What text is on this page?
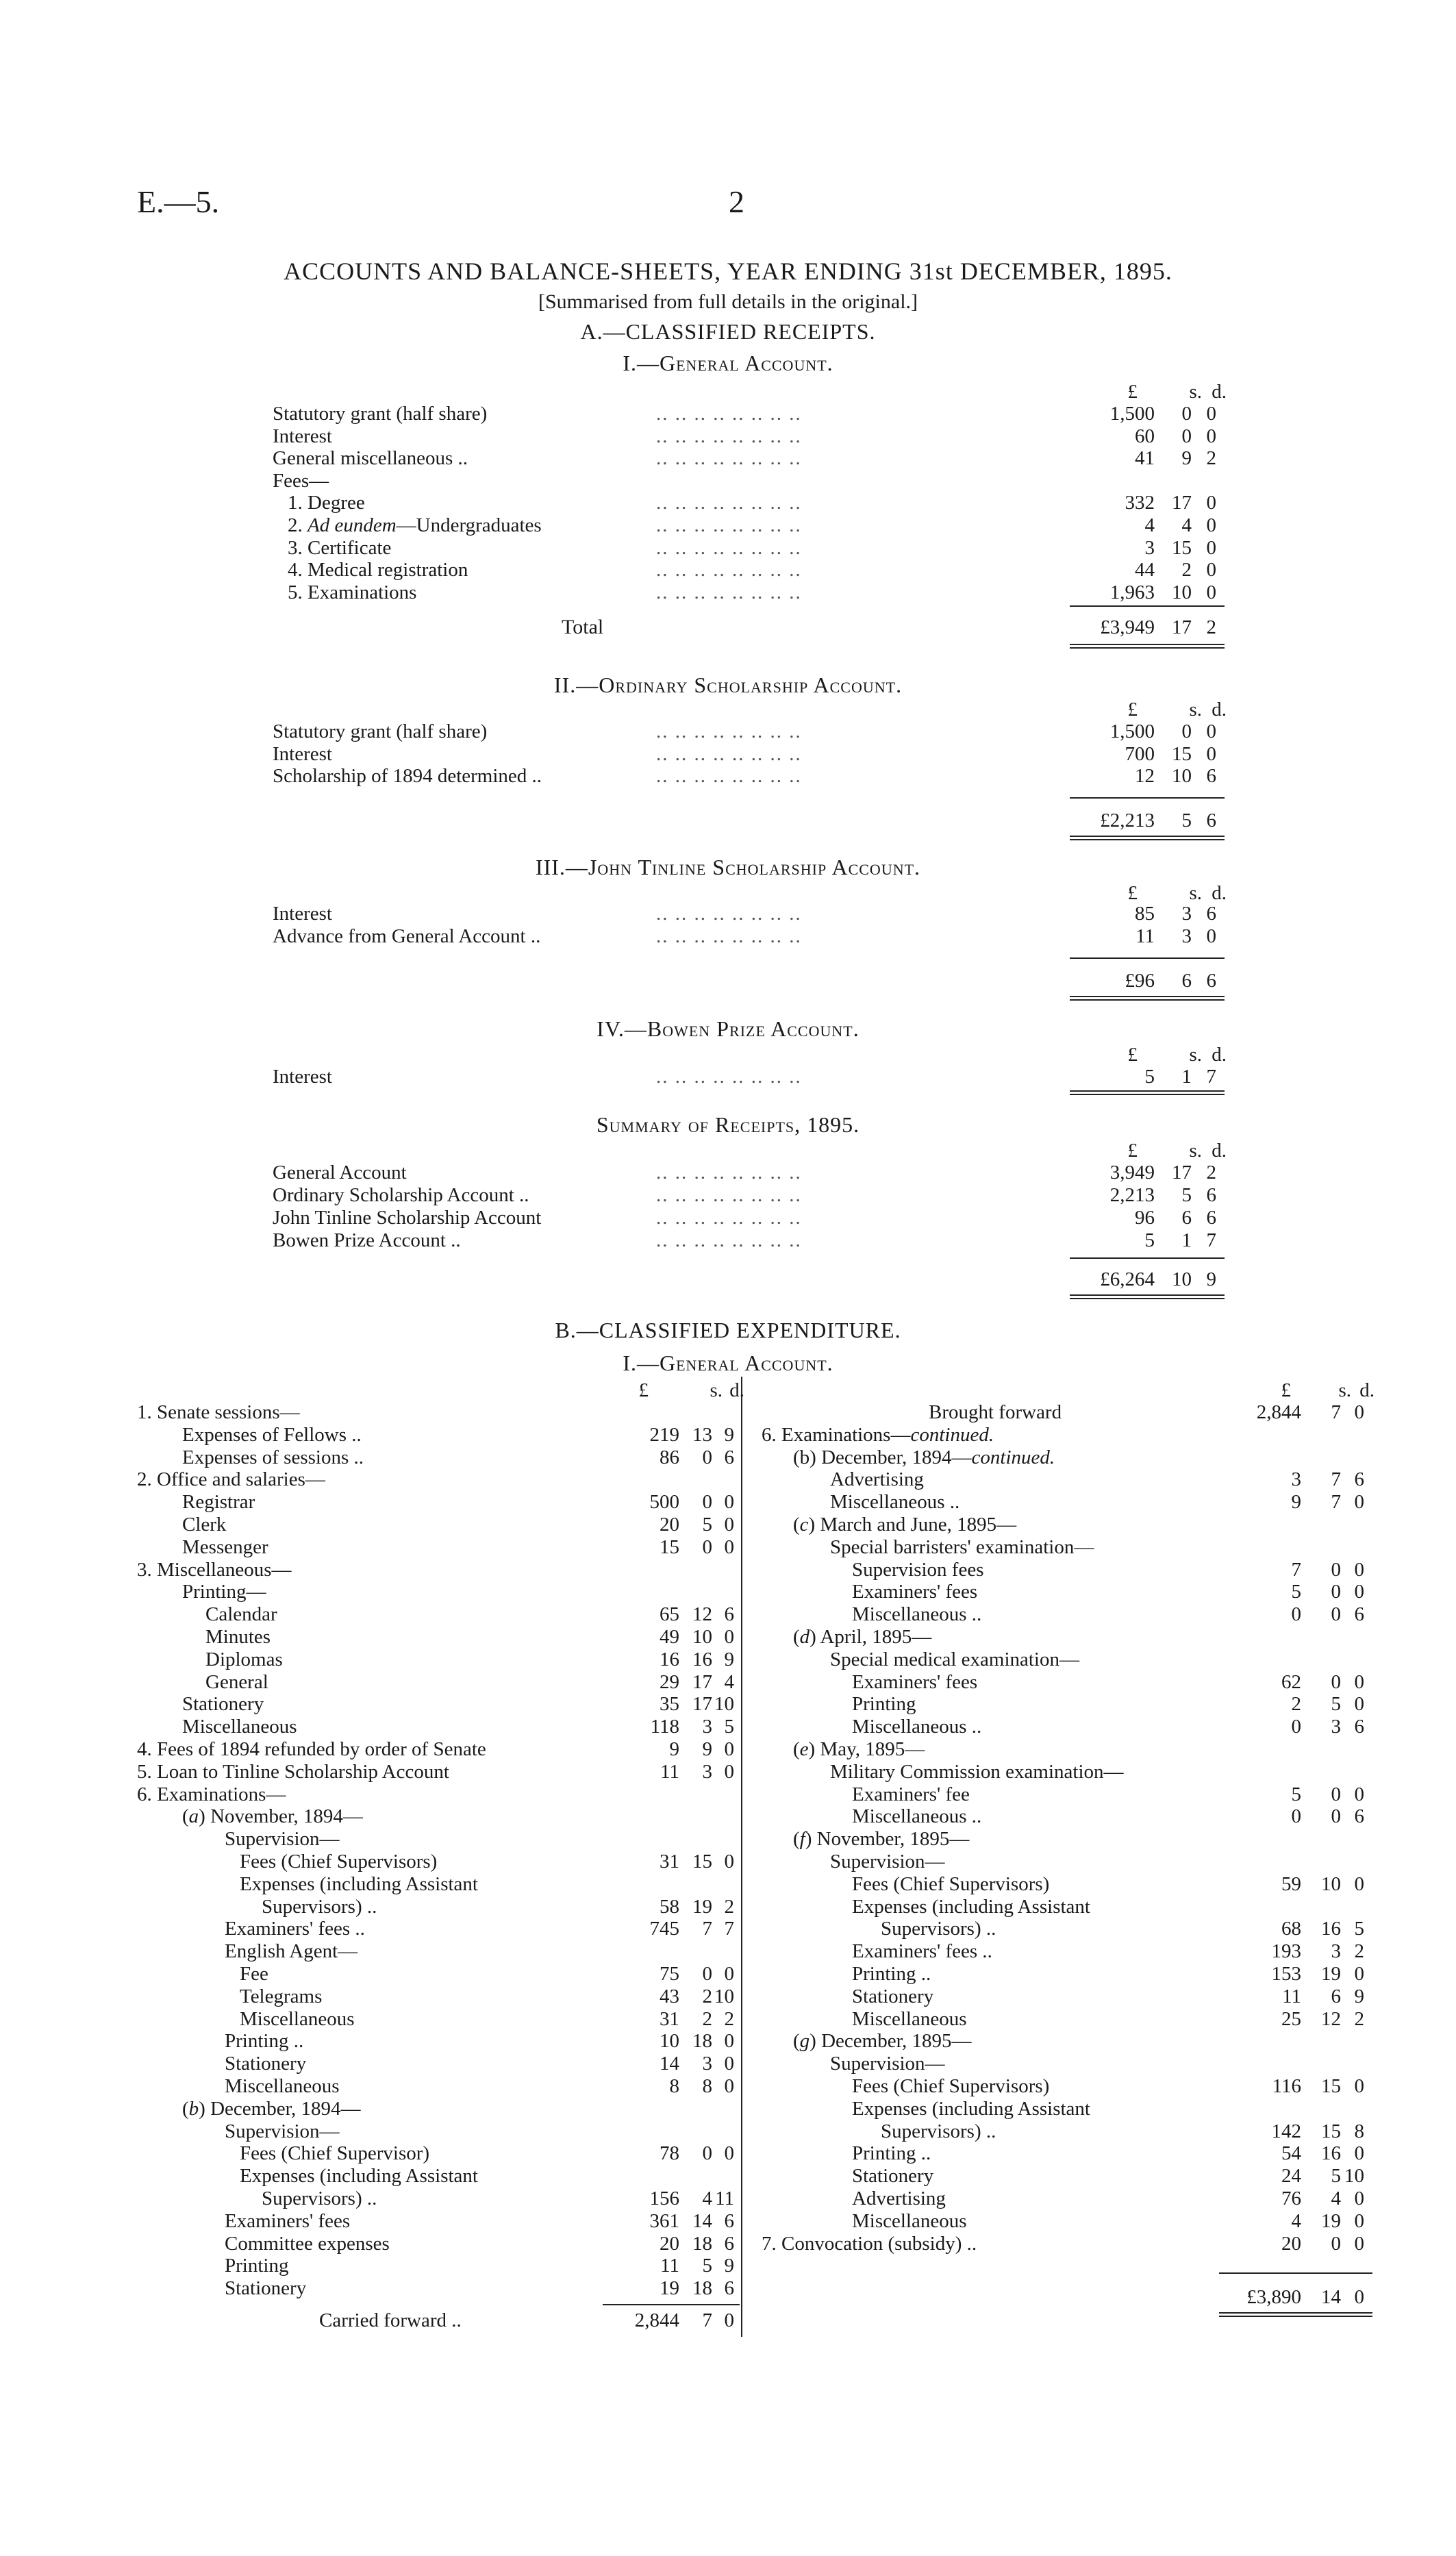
E.—5.	2
ACCOUNTS AND BALANCE-SHEETS, YEAR ENDING 31st DECEMBER, 1895.
[Summarised from full details in the original.]
A.—CLASSIFIED RECEIPTS.
I.—General Account.
£	s. d.
Statutory grant (half share)	.. .. .. .. .. .. .. ..	1,500	0 0
Interest	.. .. .. .. .. .. .. ..	60	0 0
General miscellaneous ..	.. .. .. .. .. .. .. ..	41	9 2
Fees—
1. Degree	.. .. .. .. .. .. .. ..	332 17 0
2. Ad eundem—Undergraduates	.. .. .. .. .. .. .. ..	4	4 0
3. Certificate	.. .. .. .. .. .. .. ..	3 15 0
4. Medical registration	.. .. .. .. .. .. .. ..	44	2 0
5. Examinations	.. .. .. .. .. .. .. ..	1,963 10 0
£3,949 17 2
Total
II.—Ordinary Scholarship Account.
£	s. d.
Statutory grant (half share)	.. .. .. .. .. .. .. ..	1,500	0 0
Interest	.. .. .. .. .. .. .. ..	700 15 0
Scholarship of 1894 determined ..	.. .. .. .. .. .. .. ..	12 10 6
£2,213	5 6
III.—John Tinline Scholarship Account.
£	s. d.
Interest	.. .. .. .. .. .. .. ..	85	3 6
Advance from General Account ..	.. .. .. .. .. .. .. ..	11	3 0
£96	6 6
IV.—Bowen Prize Account.
£	s. d.
Interest	.. .. .. .. .. .. .. ..	5	1 7
Summary of Receipts, 1895.
£	s. d.
General Account	.. .. .. .. .. .. .. ..	3,949 17 2
Ordinary Scholarship Account ..	.. .. .. .. .. .. .. ..	2,213	5 6
John Tinline Scholarship Account	.. .. .. .. .. .. .. ..	96	6 6
Bowen Prize Account ..	.. .. .. .. .. .. .. ..	5	1 7
£6,264 10 9
B.—CLASSIFIED EXPENDITURE.
I.—General Account.
£	s. d.
1. Senate sessions—
Expenses of Fellows ..	219 13 9
Expenses of sessions ..	86	0 6
2. Office and salaries—
Registrar	500	0 0
Clerk	20	5 0
Messenger	15	0 0
3. Miscellaneous—
Printing—
Calendar	65 12 6
Minutes	49 10 0
Diplomas	16 16 9
General	29 17 4
Stationery	35 17 10
Miscellaneous	118	3 5
4. Fees of 1894 refunded by order of Senate	9	9 0
5. Loan to Tinline Scholarship Account	11	3 0
6. Examinations—
(a) November, 1894—
Supervision—
Fees (Chief Supervisors)	31 15 0
Expenses (including Assistant
Supervisors) ..	58 19 2
Examiners' fees ..	745	7 7
English Agent—
Fee	75	0 0
Telegrams	43	2 10
Miscellaneous	31	2 2
Printing ..	10 18 0
Stationery	14	3 0
Miscellaneous	8	8 0
(b) December, 1894—
Supervision—
Fees (Chief Supervisor)	78	0 0
Expenses (including Assistant
Supervisors) ..	156	4 11
Examiners' fees	361 14 6
Committee expenses	20 18 6
Printing	11	5 9
Stationery	19 18 6
Carried forward ..	2,844	7 0
£	s. d.
Brought forward	2,844	7 0
6. Examinations—continued.
(b) December, 1894—continued.
Advertising	3	7 6
Miscellaneous ..	9	7 0
(c) March and June, 1895—
Special barristers' examination—
Supervision fees	7	0 0
Examiners' fees	5	0 0
Miscellaneous ..	0	0 6
(d) April, 1895—
Special medical examination—
Examiners' fees	62	0 0
Printing	2	5 0
Miscellaneous ..	0	3 6
(e) May, 1895—
Military Commission examination—
Examiners' fee	5	0 0
Miscellaneous ..	0	0 6
(f) November, 1895—
Supervision—
Fees (Chief Supervisors)	59	10 0
Expenses (including Assistant
Supervisors) ..	68	16 5
Examiners' fees ..	193	3 2
Printing ..	153	19 0
Stationery	11	6 9
Miscellaneous	25	12 2
(g) December, 1895—
Supervision—
Fees (Chief Supervisors)	116	15 0
Expenses (including Assistant
Supervisors) ..	142	15 8
Printing ..	54	16 0
Stationery	24	5 10
Advertising	76	4 0
Miscellaneous	4	19 0
7. Convocation (subsidy) ..	20	0 0
£3,890	14 0
